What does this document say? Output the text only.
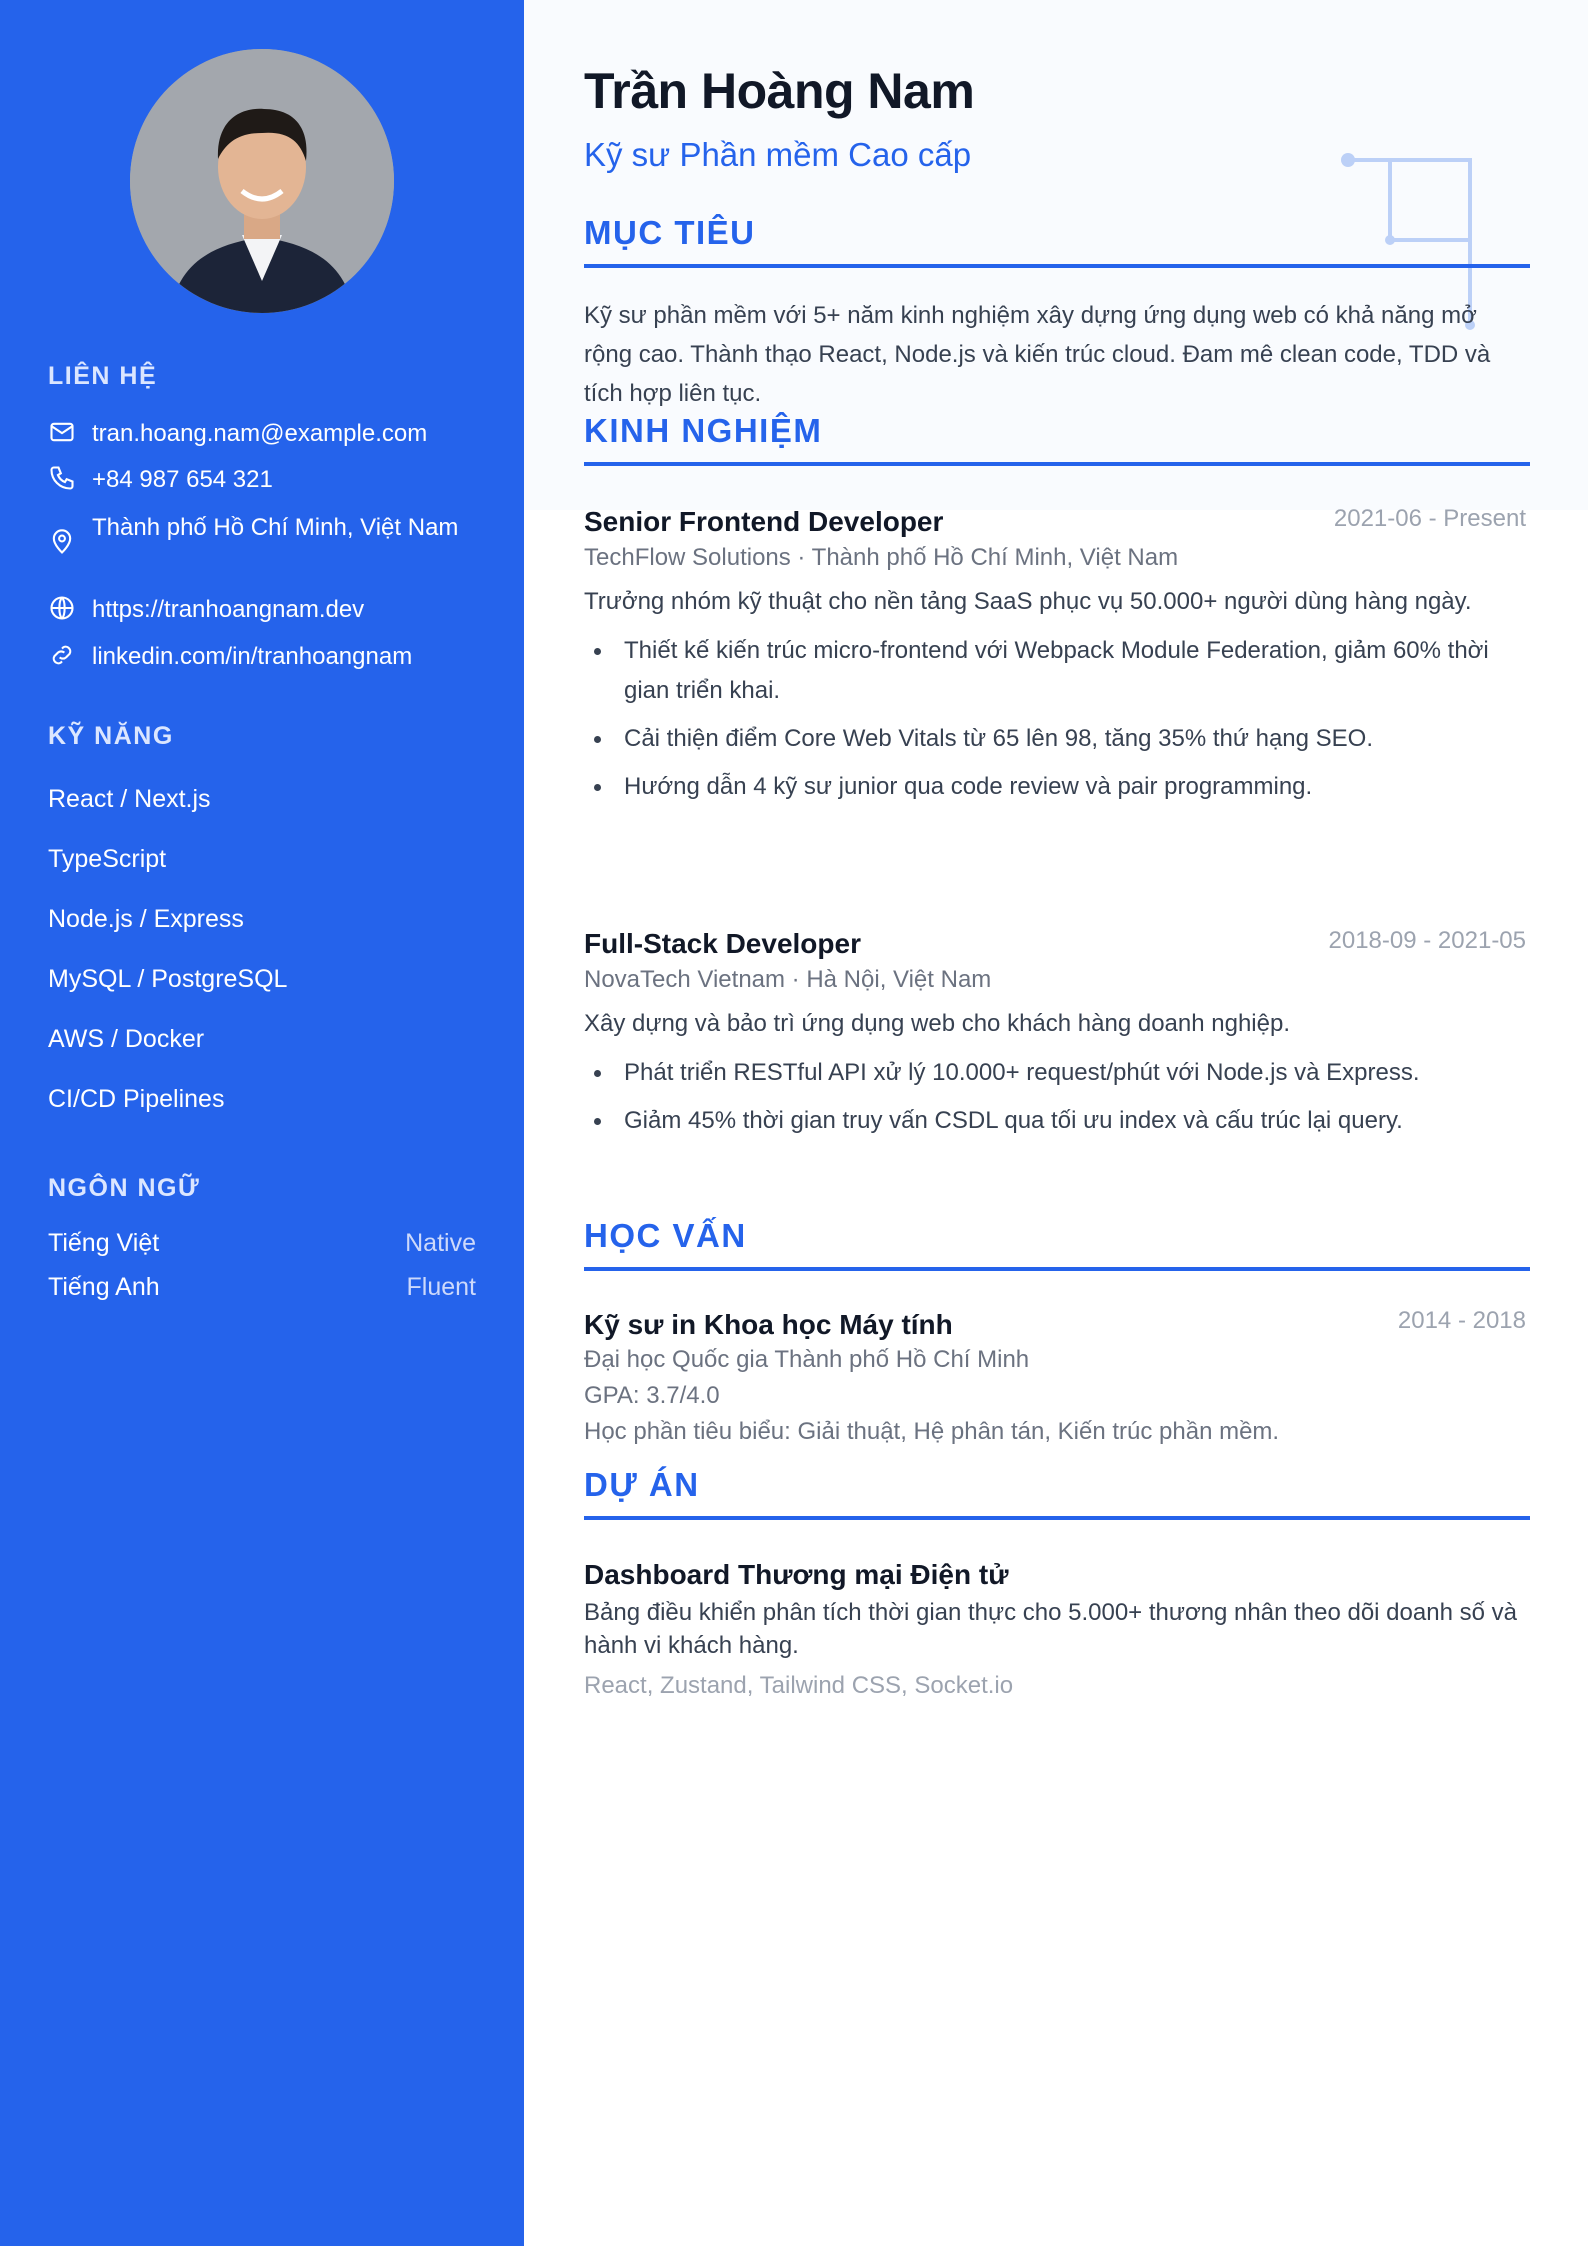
LIÊN HỆ
tran.hoang.nam@example.com
+84 987 654 321
Thành phố Hồ Chí Minh, Việt Nam
https://tranhoangnam.dev
linkedin.com/in/tranhoangnam
KỸ NĂNG
React / Next.js
TypeScript
Node.js / Express
MySQL / PostgreSQL
AWS / Docker
CI/CD Pipelines
NGÔN NGỮ
Tiếng Việt	Native
Tiếng Anh	Fluent
Trần Hoàng Nam
Kỹ sư Phần mềm Cao cấp
MỤC TIÊU
Kỹ sư phần mềm với 5+ năm kinh nghiệm xây dựng ứng dụng web có khả năng mở rộng cao. Thành thạo React, Node.js và kiến trúc cloud. Đam mê clean code, TDD và tích hợp liên tục.
KINH NGHIỆM
Senior Frontend Developer	2021-06 - Present
TechFlow Solutions · Thành phố Hồ Chí Minh, Việt Nam
Trưởng nhóm kỹ thuật cho nền tảng SaaS phục vụ 50.000+ người dùng hàng ngày.
Thiết kế kiến trúc micro-frontend với Webpack Module Federation, giảm 60% thời gian triển khai.
Cải thiện điểm Core Web Vitals từ 65 lên 98, tăng 35% thứ hạng SEO.
Hướng dẫn 4 kỹ sư junior qua code review và pair programming.
Full-Stack Developer	2018-09 - 2021-05
NovaTech Vietnam · Hà Nội, Việt Nam
Xây dựng và bảo trì ứng dụng web cho khách hàng doanh nghiệp.
Phát triển RESTful API xử lý 10.000+ request/phút với Node.js và Express.
Giảm 45% thời gian truy vấn CSDL qua tối ưu index và cấu trúc lại query.
HỌC VẤN
Kỹ sư in Khoa học Máy tính	2014 - 2018
Đại học Quốc gia Thành phố Hồ Chí Minh
GPA: 3.7/4.0
Học phần tiêu biểu: Giải thuật, Hệ phân tán, Kiến trúc phần mềm.
DỰ ÁN
Dashboard Thương mại Điện tử
Bảng điều khiển phân tích thời gian thực cho 5.000+ thương nhân theo dõi doanh số và hành vi khách hàng.
React, Zustand, Tailwind CSS, Socket.io
